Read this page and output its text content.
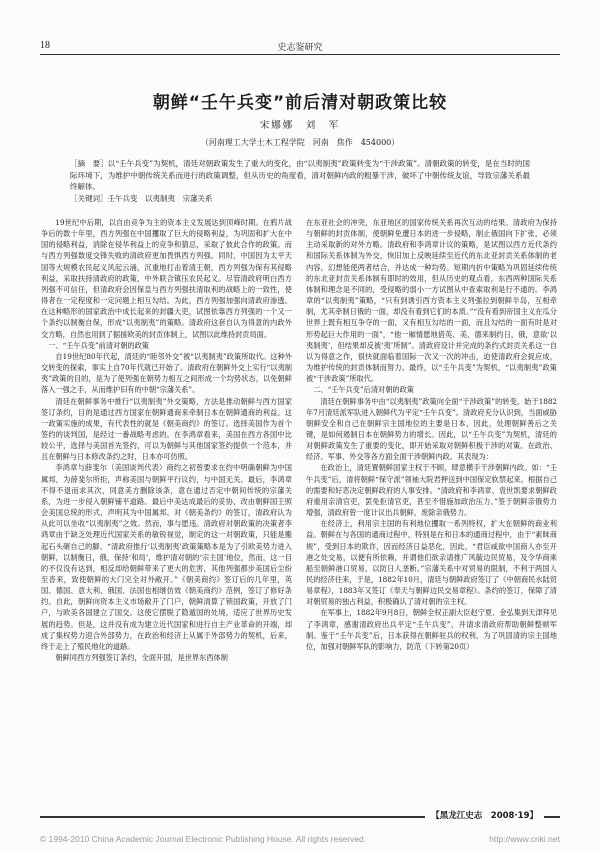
18	史志鉴研究
朝鲜“壬午兵变”前后清对朝政策比较
宋娜娜　刘　军
（河南理工大学土木工程学院　河南　焦作　454000）

［摘　要］以“壬午兵变”为契机，清廷对朝政策发生了重大的变化，由“以夷制夷”政策转变为“干涉政策”。清朝政策的转变，是在当时的国际环境下，为维护中朝传统关系而进行的政策调整，但从历史的角度看，清对朝鲜内政的粗暴干涉，破坏了中朝传统友谊，导致宗藩关系最终解体。

［关键词］壬午兵变　以夷制夷　宗藩关系

19世纪中后期，以自由竞争为主的资本主义发展达到顶峰时期。在鸦片战争后的数十年里，西方列强在中国攫取了巨大的侵略利益，为巩固和扩大在中国的侵略利益，消除在侵华利益上的竞争和猜忌，采取了彼此合作的政策。而与西方列强数度交锋失败的清政府更加畏惧西方列强。同时，中国因为太平天国等大规模农民起义风起云涌，沉重地打击着清王朝，西方列强为保有其侵略利益，采取扶持清政府的政策，中外联合镇压农民起义。尽管清政府明白西方列强不可信任，但清政府会因保皇与西方列强扶清取利的战略上的一致性，使得者在一定程度和一定问题上相互勾结。为此，西方列强加强向清政府渗透。在这种略形的国家政治中成长起来的封疆大吏，试图依靠西方列强的一个又一个条约以制衡自保，形成“以夷制夷”的策略。清政府这套自认为得意的内政外交方略，自然也用到了据援欧美的封贡体制上，试图以此维持封贡局面。

一、“壬午兵变”前清对朝的政策

自19世纪80年代起，清廷的“睦邻外交”被“以夷制夷”政策所取代。这种外交转变的探索，事实上自70年代就已开始了。清政府在朝鲜外交上实行“以夷制夷”政策的目的，是为了使列强在朝势力相互之间形成一个均势状态，以免朝鲜落入一强之手，从而维护旧有的中朝“宗藩关系”。

清廷在朝鲜事务中推行“以夷制夷”外交策略，方法是推动朝鲜与西方国家签订条约，目的是通过西方国家在朝鲜通商来牵制日本在朝鲜通商的利益。这一政策实施的成果，有代表性的就是《朝美商约》的签订。选择美国作为首个签约的谈判国，是经过一番战略考虑的。在李鸿章看来，美国在西方各国中比较公平，选择与美国首先签约，可以为朝鲜与其他国家签约提供一个范本，并且在朝鲜与日本修改条约之时，日本亦可仿照。

李鸿章与薛斐尔（美国谈判代表）商约之初曾要求在约中明确朝鲜为中国属邦，为薛斐尔所拒，声称美国与朝鲜平行议约，与中国无关。最后，李鸿章不得不退而求其次，同意美方删除该条，意在通过否定中朝间传统的宗藩关系，为进一步侵入朝鲜铺平道路。最后中美达成最后的妥协，改由朝鲜国王照会美国总统的形式，声明其为中国属邦。对《朝美条约》的签订，清政府认为从此可以坐收“以夷制夷”之效。然而，事与愿违。清政府对朝政策的决策者李鸿章由于缺乏处理近代国家关系的敏锐视觉，制定的这一对朝政策，只能是搬起石头砸自己的脚。“清政府推行‘以夷制夷’政策策略本是为了引欧美势力进入朝鲜，以制衡日，俄，保持‘和局’，维护清对朝的‘宗主国’地位，然而，这一目的不仅没有达到，相反却给朝鲜带来了更大的危害，其他列强都步美国后尘纷至沓来，致使朝鲜的大门完全对外敞开。”《朝美商约》签订后的几年里，英国、德国、意大利、俄国、法国也相继仿效《朝美商约》范例，签订了修好条约。自此，朝鲜向资本主义市场敞开了门户，朝鲜清算了锁国政策，开放了门户，与欧美各国建立了国交。这使它摆脱了隐遁国的处境，适应了世界历史发展的趋势。但是，这并没有成为建立近代国家和进行自主产业革命的开端，却成了集权势力迎合外部势力，在政治和经济上从属于外部势力的契机，后来，终于走上了殖民地化的道路。

朝鲜同西方列强签订条约，全面开国，是世界东西体制

在东亚社会的冲突，东亚地区的国家传统关系再次互动的结果。清政府为保持与朝鲜的封贡体制，使朝鲜免遭日本的进一步侵略，制止俄国向下扩张，必须主动采取新的对外方略。清政府和李鸿章计议的策略，是试图以西方近代条约和国际关系体制为外交，恢旧加上反映延续至近代的东北亚封贡关系体制的老内容，幻想能使两者结合，并达成一种均势。短期内折中策略为巩固延续传统的东北亚封贡关系体制有即时的效用，但从历史的观点看，东西两种国际关系体制和理念是不同的，受侵略的弱小一方试图从中查索取利是行不通的。李鸿章的“以夷制夷”策略，“只有到诱引西方资本主义列强拉到朝鲜半岛，互相牵制，尤其牵制日俄的一面，却没有看到它们的本质。”“没有看到帝国主义在瓜分世界上既有相互争夺的一面，又有相互勾结的一面，而且勾结的一面有时是对形势起巨大作用的一面”，“他一厢情愿地借英、美、德来制约日，俄，意欲‘以夷制夷’，但结果却反被‘夷’所制”。清政府设计并完成的条约式封贡关系这一自以为得意之作，很快就面临着国际一次又一次的冲击，迫使清政府会捉应成，为维护传统的封贡体制而努力。最终，以“壬午兵变”为契机，“以夷制夷”政策被“干涉政策”所取代。

二、“壬午兵变”后清对朝的政策

清廷在朝鲜事务中由“以夷制夷”政策向全面“干涉政策”的转变，始于1882年7月清廷派军队进入朝鲜代为平定“壬午兵变”。清政府充分认识到，当面威胁朝鲜安全和自己在朝鲜宗主国地位的主要是日本，因此，处理朝鲜善后之关键，是如何遏制日本在朝鲜势力的增长。因此，以“壬午兵变”为契机，清廷的对朝鲜政策发生了重要的变化，即开始采取对朝鲜积极干涉的对策。在政治、经济、军事、外交等各方面全面干涉朝鲜内政。其表现为：

在政治上，清廷置朝鲜国家主权于不顾，肆意横手干涉朝鲜内政。如：“壬午兵变”后，清将朝鲜“保守派”领袖大院君押送到中国保定软禁起来。根据自己的需要和好恶决定朝鲜政府的人事安排。“清政府和李鸿章、袁世凯要求朝鲜政府重用亲清官吏，罢免拒清官吏，甚至不惜施加政治压力。”签于朝鲜亲俄势力增强，清政府曾一度计议出兵朝鲜，废除亲俄势力。

在经济上，利用宗主国的有利地位攫取一系列特权，扩大在朝鲜的商业利益。朝鲜在与各国的通商过程中，特别是在和日本的通商过程中，由于“素昧商规”，受到日本的欺诈，因而经济日益恶化，因此，“君臣咸欲中国商人亦至开港之处交易，以便有所依赖，并谓他们欲亲请推广风毓边民贸易，及令华商乘船至朝鲜港口贸易，以防日人垄断。”宗藩关系中对贸易的限制，不利于两国人民的经济往来，于是，1882年10月，清廷与朝鲜政府签订了《中朝商民水陆贸易章程》，1883年又签订《奉天与朝鲜边民交易章程》。条约的签订，保障了清对朝贸易的独占利益，积极确认了清对朝的宗主权。

在军事上，1882年9月8日，朝鲜全权正副大臣赵宁夏、金弘集到天津拜见了李鸿章，感谢清政府出兵平定“壬午兵变”，并请求清政府帮助朝鲜整顿军制。鉴于“壬午兵变”后，日本获得在朝鲜驻兵的权利，为了巩固清的宗主国地位，加强对朝鲜军队的影响力，防范（下转第20页）

【黑龙江史志　2008·19】
© 1994-2010 China Academic Journal Electronic Publishing House. All rights reserved.	http://www.cnki.net
